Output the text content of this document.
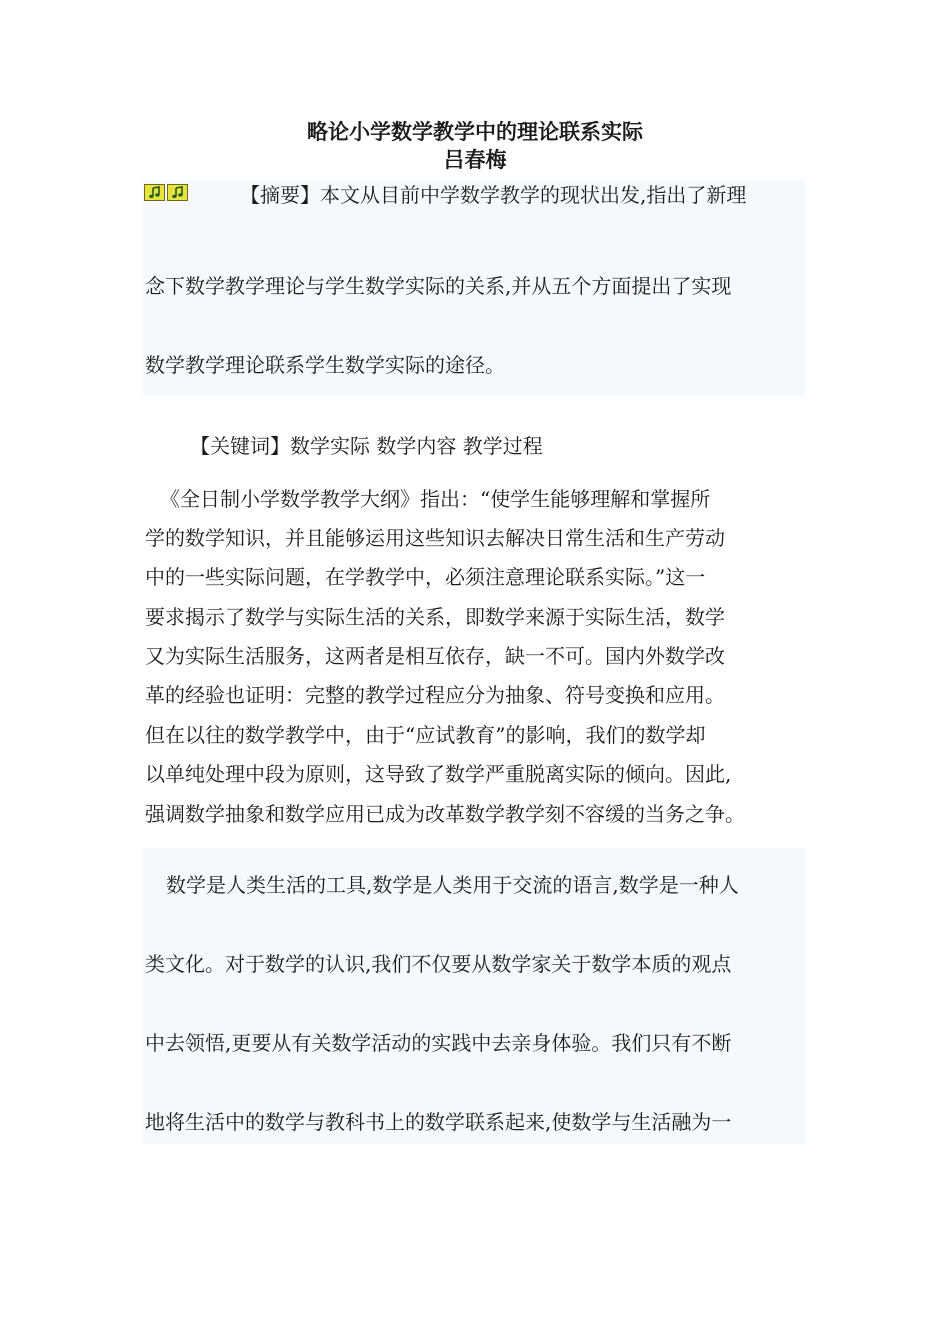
略论小学数学教学中的理论联系实际
吕春梅
【摘要】本文从目前中学数学教学的现状出发,指出了新理
念下数学教学理论与学生数学实际的关系,并从五个方面提出了实现
数学教学理论联系学生数学实际的途径。
【关键词】数学实际 数学内容 教学过程
《全日制小学数学教学大纲》指出：“使学生能够理解和掌握所
学的数学知识，并且能够运用这些知识去解决日常生活和生产劳动
中的一些实际问题，在学教学中，必须注意理论联系实际。”这一
要求揭示了数学与实际生活的关系，即数学来源于实际生活，数学
又为实际生活服务，这两者是相互依存，缺一不可。国内外数学改
革的经验也证明：完整的教学过程应分为抽象、符号变换和应用。
但在以往的数学教学中，由于“应试教育”的影响，我们的数学却
以单纯处理中段为原则，这导致了数学严重脱离实际的倾向。因此,
强调数学抽象和数学应用已成为改革数学教学刻不容缓的当务之争。
数学是人类生活的工具,数学是人类用于交流的语言,数学是一种人
类文化。对于数学的认识,我们不仅要从数学家关于数学本质的观点
中去领悟,更要从有关数学活动的实践中去亲身体验。我们只有不断
地将生活中的数学与教科书上的数学联系起来,使数学与生活融为一
